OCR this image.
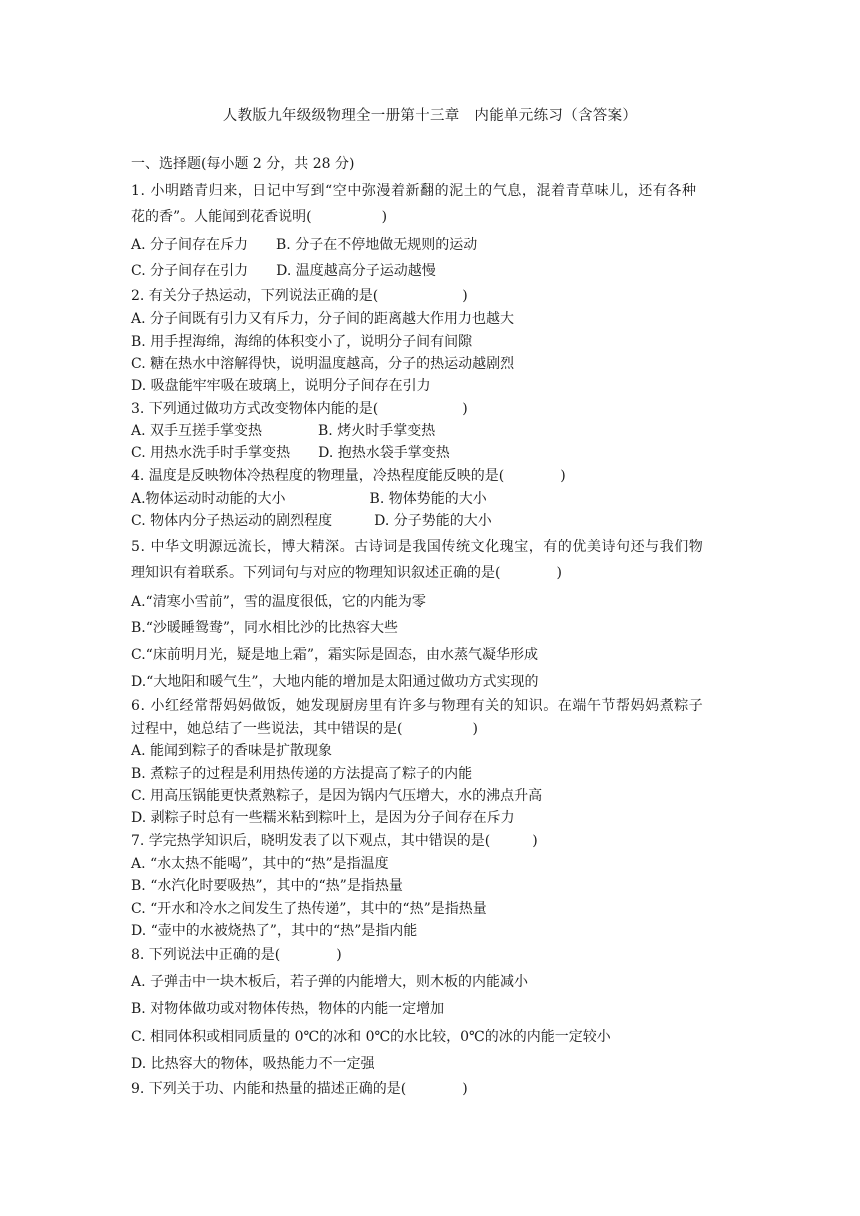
人教版九年级级物理全一册第十三章　内能单元练习（含答案）
一、选择题(每小题 2 分，共 28 分)
1. 小明踏青归来，日记中写到“空中弥漫着新翻的泥土的气息，混着青草味儿，还有各种
花的香”。人能闻到花香说明(　　　　　)
A. 分子间存在斥力　　B. 分子在不停地做无规则的运动
C. 分子间存在引力　　D. 温度越高分子运动越慢
2. 有关分子热运动，下列说法正确的是(　　　　　　)
A. 分子间既有引力又有斥力，分子间的距离越大作用力也越大
B. 用手捏海绵，海绵的体积变小了，说明分子间有间隙
C. 糖在热水中溶解得快，说明温度越高，分子的热运动越剧烈
D. 吸盘能牢牢吸在玻璃上，说明分子间存在引力
3. 下列通过做功方式改变物体内能的是(　　　　　　)
A. 双手互搓手掌变热　　　　B. 烤火时手掌变热
C. 用热水洗手时手掌变热　　D. 抱热水袋手掌变热
4. 温度是反映物体冷热程度的物理量，冷热程度能反映的是(　　　　)
A.物体运动时动能的大小　　　　　　B. 物体势能的大小
C. 物体内分子热运动的剧烈程度　　　D. 分子势能的大小
5. 中华文明源远流长，博大精深。古诗词是我国传统文化瑰宝，有的优美诗句还与我们物
理知识有着联系。下列词句与对应的物理知识叙述正确的是(　　　　)
A.“清寒小雪前”，雪的温度很低，它的内能为零
B.“沙暖睡鸳鸯”，同水相比沙的比热容大些
C.“床前明月光，疑是地上霜”，霜实际是固态，由水蒸气凝华形成
D.“大地阳和暖气生”，大地内能的增加是太阳通过做功方式实现的
6. 小红经常帮妈妈做饭，她发现厨房里有许多与物理有关的知识。在端午节帮妈妈煮粽子
过程中，她总结了一些说法，其中错误的是(　　　　　)
A. 能闻到粽子的香味是扩散现象
B. 煮粽子的过程是利用热传递的方法提高了粽子的内能
C. 用高压锅能更快煮熟粽子，是因为锅内气压增大，水的沸点升高
D. 剥粽子时总有一些糯米粘到粽叶上，是因为分子间存在斥力
7. 学完热学知识后，晓明发表了以下观点，其中错误的是(　　　)
A. “水太热不能喝”，其中的“热”是指温度
B. “水汽化时要吸热”，其中的“热”是指热量
C. “开水和冷水之间发生了热传递”，其中的“热”是指热量
D. “壶中的水被烧热了”，其中的“热”是指内能
8. 下列说法中正确的是(　　　　)
A. 子弹击中一块木板后，若子弹的内能增大，则木板的内能减小
B. 对物体做功或对物体传热，物体的内能一定增加
C. 相同体积或相同质量的 0℃的冰和 0℃的水比较，0℃的冰的内能一定较小
D. 比热容大的物体，吸热能力不一定强
9. 下列关于功、内能和热量的描述正确的是(　　　　)
